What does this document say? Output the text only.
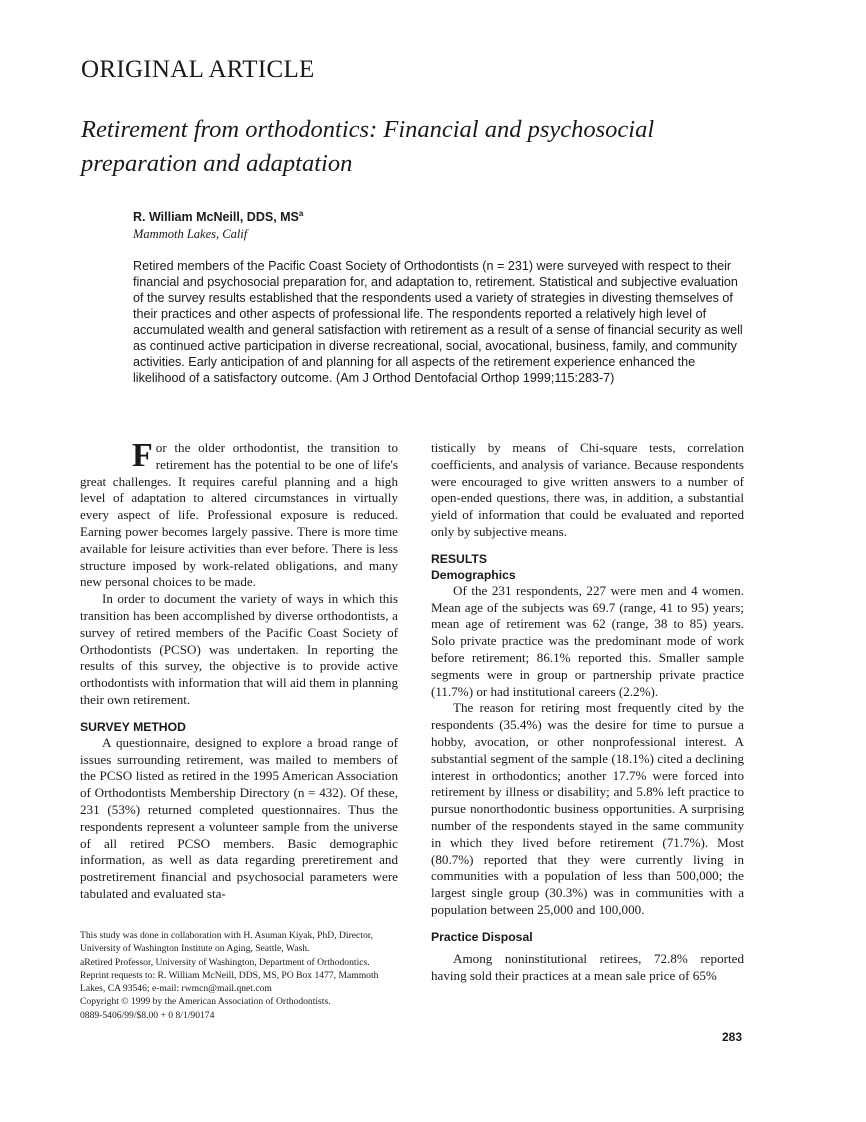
ORIGINAL ARTICLE
Retirement from orthodontics: Financial and psychosocial preparation and adaptation
R. William McNeill, DDS, $MS^a$
Mammoth Lakes, Calif
Retired members of the Pacific Coast Society of Orthodontists (n = 231) were surveyed with respect to their financial and psychosocial preparation for, and adaptation to, retirement. Statistical and subjective evaluation of the survey results established that the respondents used a variety of strategies in divesting themselves of their practices and other aspects of professional life. The respondents reported a relatively high level of accumulated wealth and general satisfaction with retirement as a result of a sense of financial security as well as continued active participation in diverse recreational, social, avocational, business, family, and community activities. Early anticipation of and planning for all aspects of the retirement experience enhanced the likelihood of a satisfactory outcome. (Am J Orthod Dentofacial Orthop 1999;115:283-7)

For the older orthodontist, the transition to retirement has the potential to be one of life's great challenges. It requires careful planning and a high level of adaptation to altered circumstances in virtually every aspect of life. Professional exposure is reduced. Earning power becomes largely passive. There is more time available for leisure activities than ever before. There is less structure imposed by work-related obligations, and many new personal choices to be made.

In order to document the variety of ways in which this transition has been accomplished by diverse orthodontists, a survey of retired members of the Pacific Coast Society of Orthodontists (PCSO) was undertaken. In reporting the results of this survey, the objective is to provide active orthodontists with information that will aid them in planning their own retirement.

SURVEY METHOD

A questionnaire, designed to explore a broad range of issues surrounding retirement, was mailed to members of the PCSO listed as retired in the 1995 American Association of Orthodontists Membership Directory (n = 432). Of these, 231 (53%) returned completed questionnaires. Thus the respondents represent a volunteer sample from the universe of all retired PCSO members. Basic demographic information, as well as data regarding preretirement and postretirement financial and psychosocial parameters were tabulated and evaluated sta-

tistically by means of Chi-square tests, correlation coefficients, and analysis of variance. Because respondents were encouraged to give written answers to a number of open-ended questions, there was, in addition, a substantial yield of information that could be evaluated and reported only by subjective means.

RESULTS
Demographics

Of the 231 respondents, 227 were men and 4 women. Mean age of the subjects was 69.7 (range, 41 to 95) years; mean age of retirement was 62 (range, 38 to 85) years. Solo private practice was the predominant mode of work before retirement; 86.1% reported this. Smaller sample segments were in group or partnership private practice (11.7%) or had institutional careers (2.2%).

The reason for retiring most frequently cited by the respondents (35.4%) was the desire for time to pursue a hobby, avocation, or other nonprofessional interest. A substantial segment of the sample (18.1%) cited a declining interest in orthodontics; another 17.7% were forced into retirement by illness or disability; and 5.8% left practice to pursue nonorthodontic business opportunities. A surprising number of the respondents stayed in the same community in which they lived before retirement (71.7%). Most (80.7%) reported that they were currently living in communities with a population of less than 500,000; the largest single group (30.3%) was in communities with a population between 25,000 and 100,000.

Practice Disposal

Among noninstitutional retirees, 72.8% reported having sold their practices at a mean sale price of 65%

This study was done in collaboration with H. Asuman Kiyak, PhD, Director,
University of Washington Institute on Aging, Seattle, Wash.
aRetired Professor, University of Washington, Department of Orthodontics.
Reprint requests to: R. William McNeill, DDS, MS, PO Box 1477, Mammoth
Lakes, CA 93546; e-mail: rwmcn@mail.qnet.com
Copyright © 1999 by the American Association of Orthodontists.
0889-5406/99/$8.00 + 0 8/1/90174
283
